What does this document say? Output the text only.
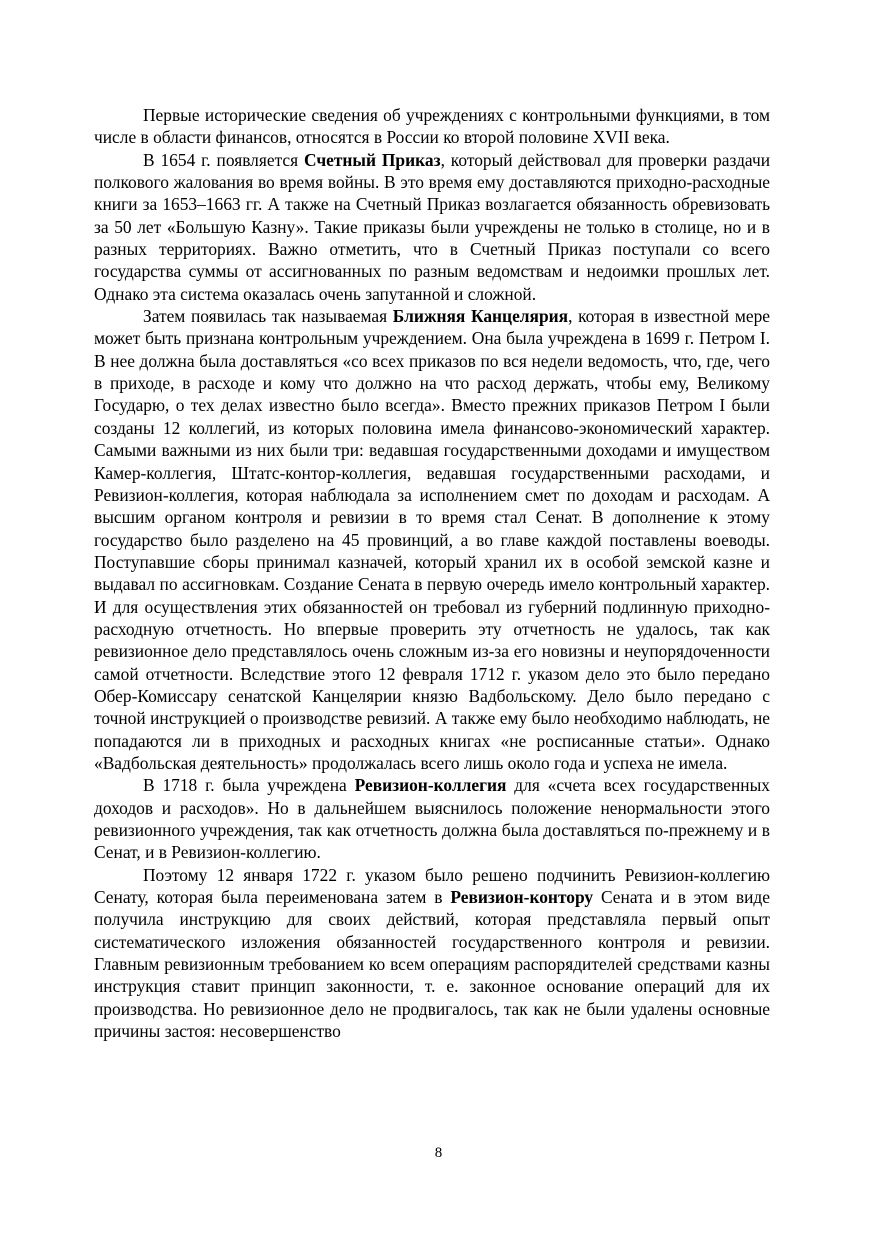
Первые исторические сведения об учреждениях с контрольными функциями, в том числе в области финансов, относятся в России ко второй половине XVII века.

В 1654 г. появляется Счетный Приказ, который действовал для проверки раздачи полкового жалования во время войны. В это время ему доставляются приходно-расходные книги за 1653–1663 гг. А также на Счетный Приказ возлагается обязанность обревизовать за 50 лет «Большую Казну». Такие приказы были учреждены не только в столице, но и в разных территориях. Важно отметить, что в Счетный Приказ поступали со всего государства суммы от ассигнованных по разным ведомствам и недоимки прошлых лет. Однако эта система оказалась очень запутанной и сложной.

Затем появилась так называемая Ближняя Канцелярия, которая в известной мере может быть признана контрольным учреждением. Она была учреждена в 1699 г. Петром I. В нее должна была доставляться «со всех приказов по вся недели ведомость, что, где, чего в приходе, в расходе и кому что должно на что расход держать, чтобы ему, Великому Государю, о тех делах известно было всегда». Вместо прежних приказов Петром I были созданы 12 коллегий, из которых половина имела финансово-экономический характер. Самыми важными из них были три: ведавшая государственными доходами и имуществом Камер-коллегия, Штатс-контор-коллегия, ведавшая государственными расходами, и Ревизион-коллегия, которая наблюдала за исполнением смет по доходам и расходам. А высшим органом контроля и ревизии в то время стал Сенат. В дополнение к этому государство было разделено на 45 провинций, а во главе каждой поставлены воеводы. Поступавшие сборы принимал казначей, который хранил их в особой земской казне и выдавал по ассигновкам. Создание Сената в первую очередь имело контрольный характер. И для осуществления этих обязанностей он требовал из губерний подлинную приходно-расходную отчетность. Но впервые проверить эту отчетность не удалось, так как ревизионное дело представлялось очень сложным из-за его новизны и неупорядоченности самой отчетности. Вследствие этого 12 февраля 1712 г. указом дело это было передано Обер-Комиссару сенатской Канцелярии князю Вадбольскому. Дело было передано с точной инструкцией о производстве ревизий. А также ему было необходимо наблюдать, не попадаются ли в приходных и расходных книгах «не росписанные статьи». Однако «Вадбольская деятельность» продолжалась всего лишь около года и успеха не имела.

В 1718 г. была учреждена Ревизион-коллегия для «счета всех государственных доходов и расходов». Но в дальнейшем выяснилось положение ненормальности этого ревизионного учреждения, так как отчетность должна была доставляться по-прежнему и в Сенат, и в Ревизион-коллегию.

Поэтому 12 января 1722 г. указом было решено подчинить Ревизион-коллегию Сенату, которая была переименована затем в Ревизион-контору Сената и в этом виде получила инструкцию для своих действий, которая представляла первый опыт систематического изложения обязанностей государственного контроля и ревизии. Главным ревизионным требованием ко всем операциям распорядителей средствами казны инструкция ставит принцип законности, т. е. законное основание операций для их производства. Но ревизионное дело не продвигалось, так как не были удалены основные причины застоя: несовершенство

8
